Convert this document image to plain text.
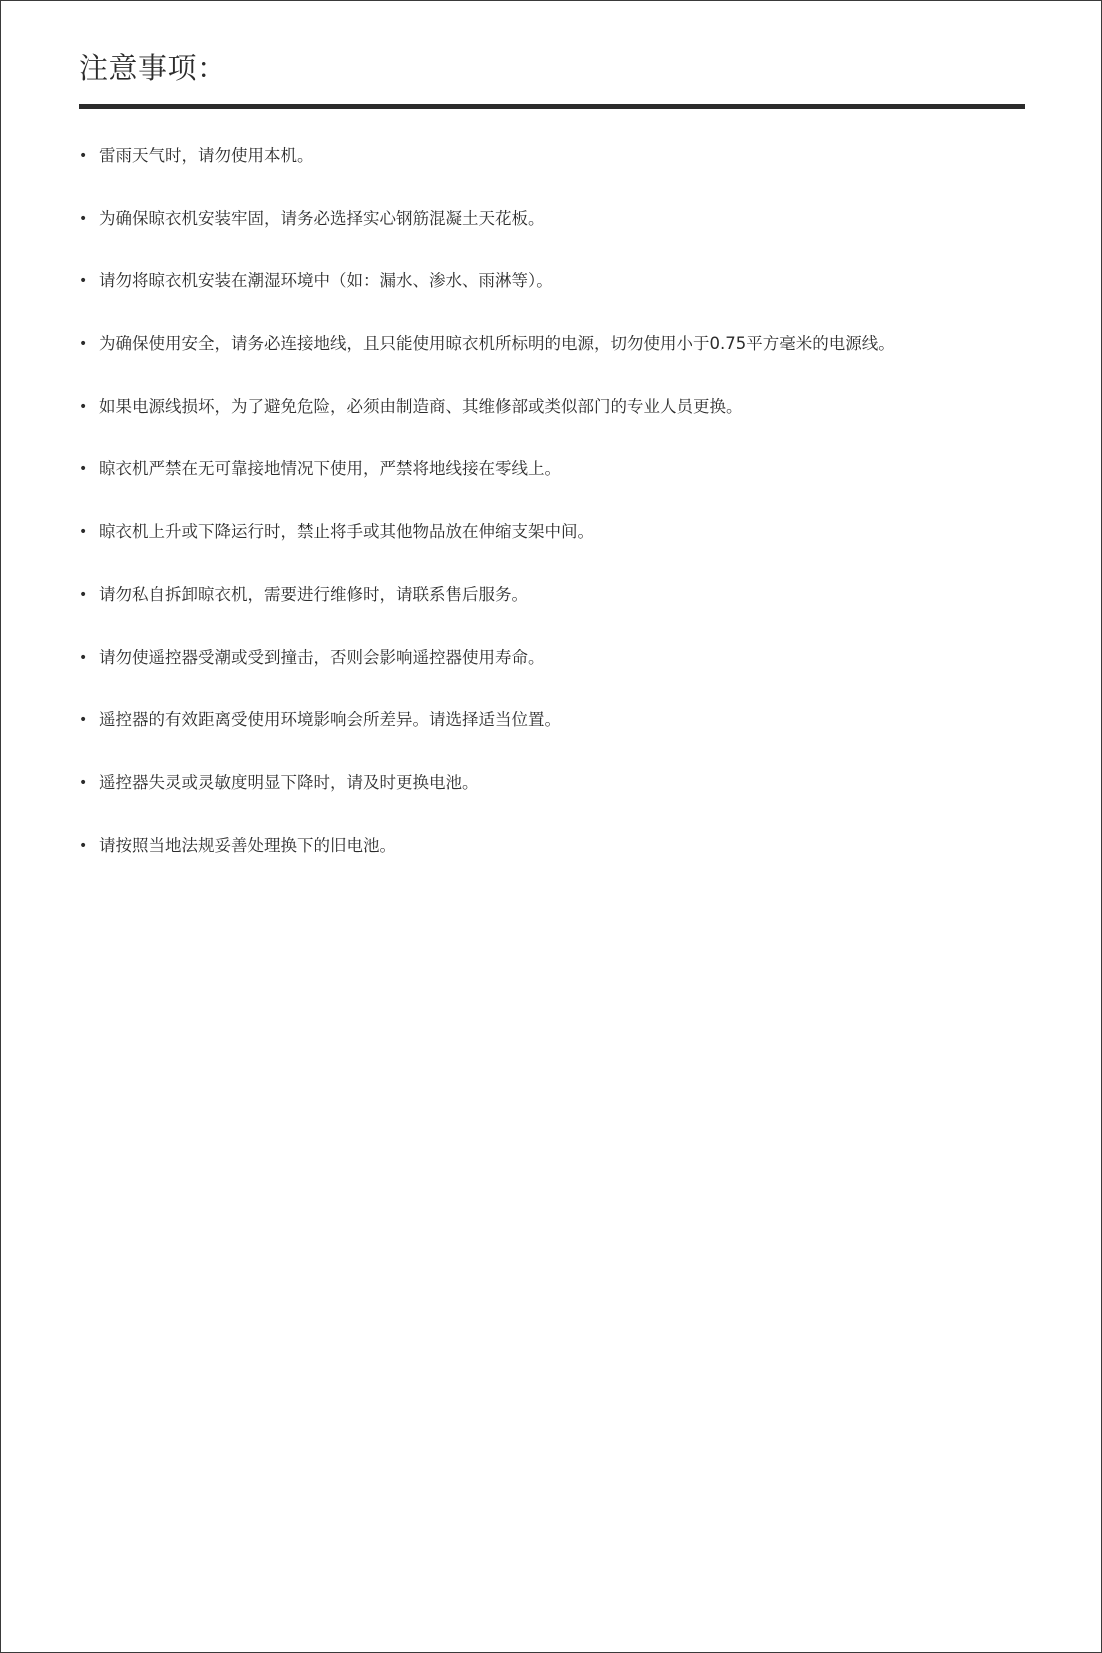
注意事项：
• 雷雨天气时，请勿使用本机。
• 为确保晾衣机安装牢固，请务必选择实心钢筋混凝土天花板。
• 请勿将晾衣机安装在潮湿环境中（如：漏水、渗水、雨淋等）。
• 为确保使用安全，请务必连接地线，且只能使用晾衣机所标明的电源，切勿使用小于0.75平方毫米的电源线。
• 如果电源线损坏，为了避免危险，必须由制造商、其维修部或类似部门的专业人员更换。
• 晾衣机严禁在无可靠接地情况下使用，严禁将地线接在零线上。
• 晾衣机上升或下降运行时，禁止将手或其他物品放在伸缩支架中间。
• 请勿私自拆卸晾衣机，需要进行维修时，请联系售后服务。
• 请勿使遥控器受潮或受到撞击，否则会影响遥控器使用寿命。
• 遥控器的有效距离受使用环境影响会所差异。请选择适当位置。
• 遥控器失灵或灵敏度明显下降时，请及时更换电池。
• 请按照当地法规妥善处理换下的旧电池。
